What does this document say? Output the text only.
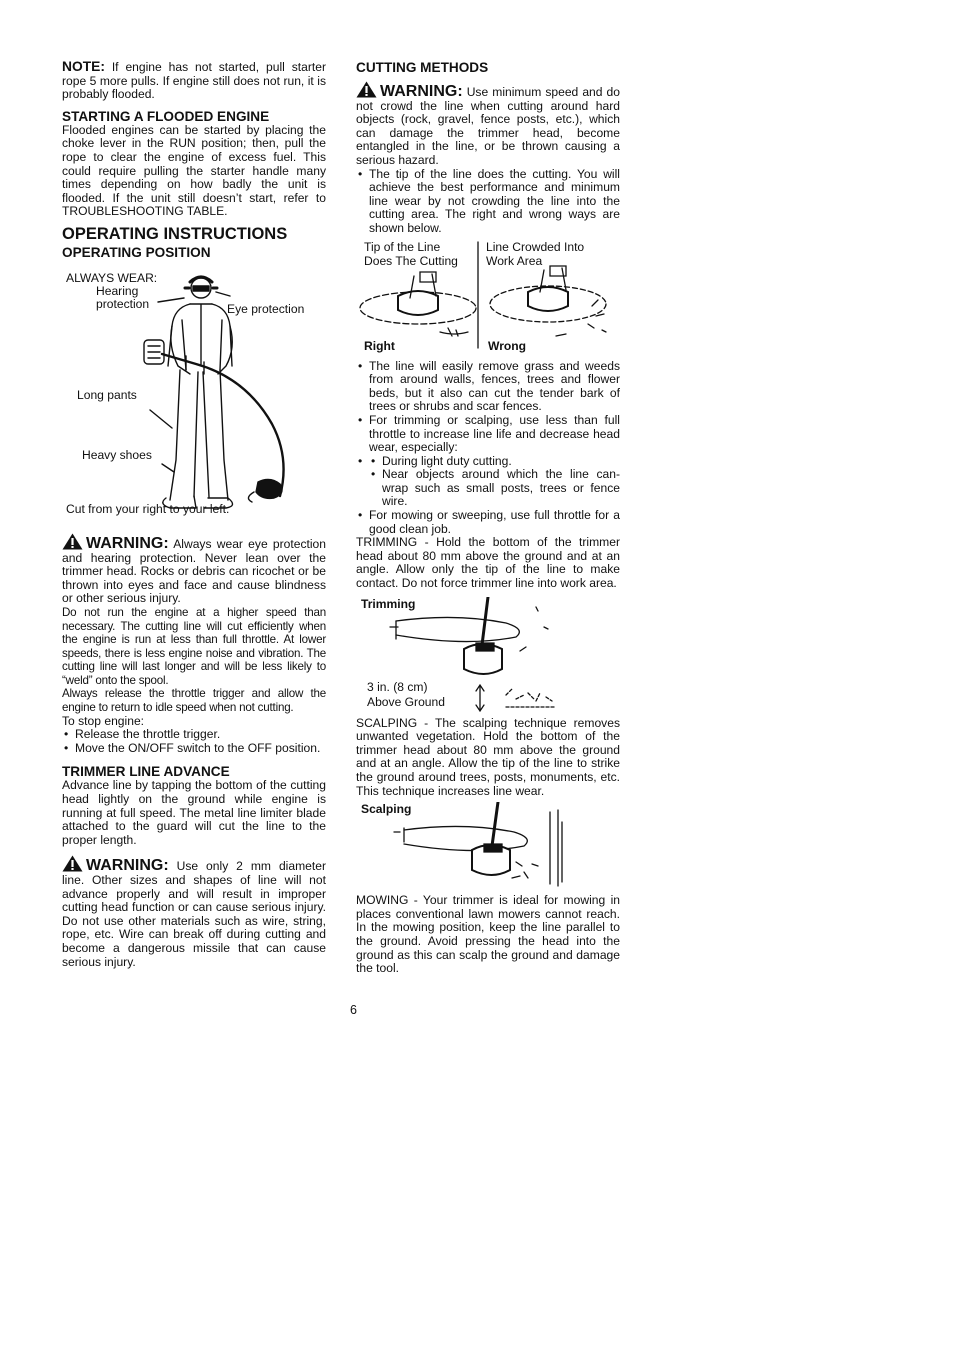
NOTE: If engine has not started, pull starter rope 5 more pulls. If engine still does not run, it is probably flooded.

STARTING A FLOODED ENGINE

Flooded engines can be started by placing the choke lever in the RUN position; then, pull the rope to clear the engine of excess fuel. This could require pulling the starter handle many times depending on how badly the unit is flooded. If the unit still doesn’t start, refer to TROUBLESHOOTING TABLE.

OPERATING INSTRUCTIONS
OPERATING POSITION
ALWAYS WEAR:
Hearing
protection	Eye protection
Long pants
Heavy shoes
Cut from your right to your left.

WARNING: Always wear eye protection and hearing protection. Never lean over the trimmer head. Rocks or debris can ricochet or be thrown into eyes and face and cause blindness or other serious injury.

Do not run the engine at a higher speed than necessary. The cutting line will cut efficiently when the engine is run at less than full throttle. At lower speeds, there is less engine noise and vibration. The cutting line will last longer and will be less likely to “weld” onto the spool.

Always release the throttle trigger and allow the engine to return to idle speed when not cutting.

To stop engine:

• Release the throttle trigger.
• Move the ON/OFF switch to the OFF position.
TRIMMER LINE ADVANCE

Advance line by tapping the bottom of the cutting head lightly on the ground while engine is running at full speed. The metal line limiter blade attached to the guard will cut the line to the proper length.

WARNING: Use only 2 mm diameter line. Other sizes and shapes of line will not advance properly and will result in improper cutting head function or can cause serious injury. Do not use other materials such as wire, string, rope, etc. Wire can break off during cutting and become a dangerous missile that can cause serious injury.

CUTTING METHODS

WARNING: Use minimum speed and do not crowd the line when cutting around hard objects (rock, gravel, fence posts, etc.), which can damage the trimmer head, become entangled in the line, or be thrown causing a serious hazard.

• The tip of the line does the cutting. You will achieve the best performance and minimum line wear by not crowding the line into the cutting area. The right and wrong ways are shown below.
Tip of the Line
Does The Cutting
Line Crowded Into
Work Area
Right	Wrong
• The line will easily remove grass and weeds from around walls, fences, trees and flower beds, but it also can cut the tender bark of trees or shrubs and scar fences.
• For trimming or scalping, use less than full throttle to increase line life and decrease head wear, especially:
• • During light duty cutting.
• Near objects around which the line can-wrap such as small posts, trees or fence wire.
• For mowing or sweeping, use full throttle for a good clean job.

TRIMMING - Hold the bottom of the trimmer head about 80 mm above the ground and at an angle. Allow only the tip of the line to make contact. Do not force trimmer line into work area.

Trimming
3 in. (8 cm)
Above Ground

SCALPING - The scalping technique removes unwanted vegetation. Hold the bottom of the trimmer head about 80 mm above the ground and at an angle. Allow the tip of the line to strike the ground around trees, posts, monuments, etc. This technique increases line wear.

Scalping

MOWING - Your trimmer is ideal for mowing in places conventional lawn mowers cannot reach. In the mowing position, keep the line parallel to the ground. Avoid pressing the head into the ground as this can scalp the ground and damage the tool.

6
